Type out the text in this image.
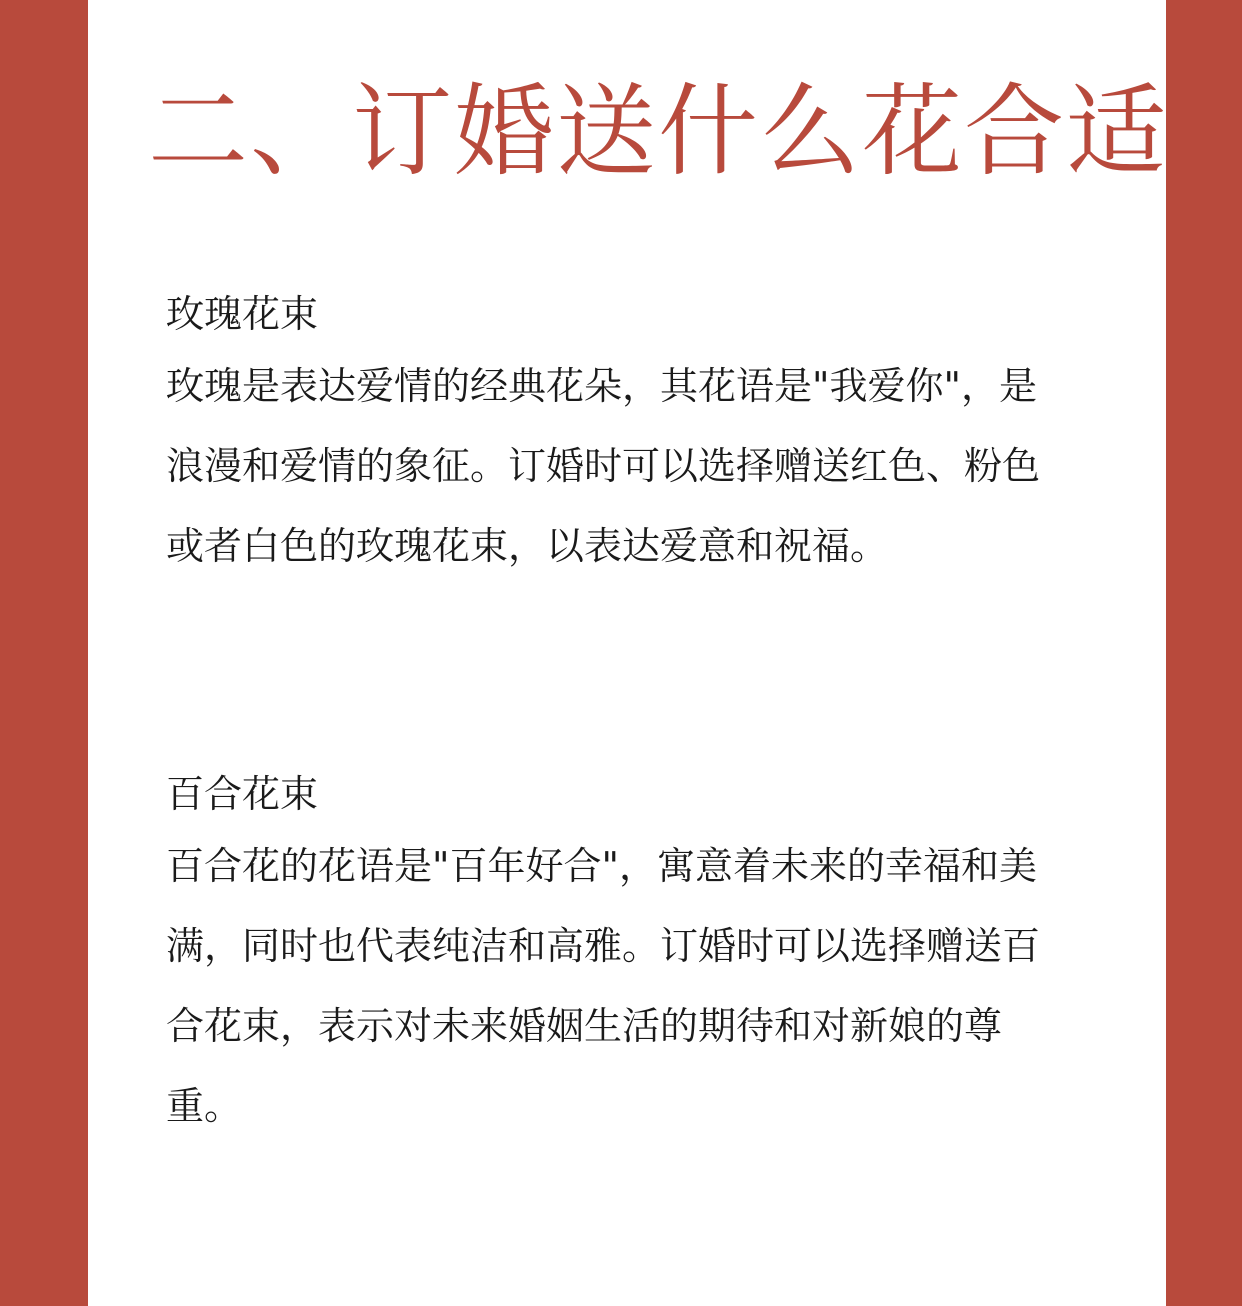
二、订婚送什么花合适
玫瑰花束

玫瑰是表达爱情的经典花朵，其花语是"我爱你"，是浪漫和爱情的象征。订婚时可以选择赠送红色、粉色或者白色的玫瑰花束，以表达爱意和祝福。

百合花束

百合花的花语是"百年好合"，寓意着未来的幸福和美满，同时也代表纯洁和高雅。订婚时可以选择赠送百合花束，表示对未来婚姻生活的期待和对新娘的尊重。
